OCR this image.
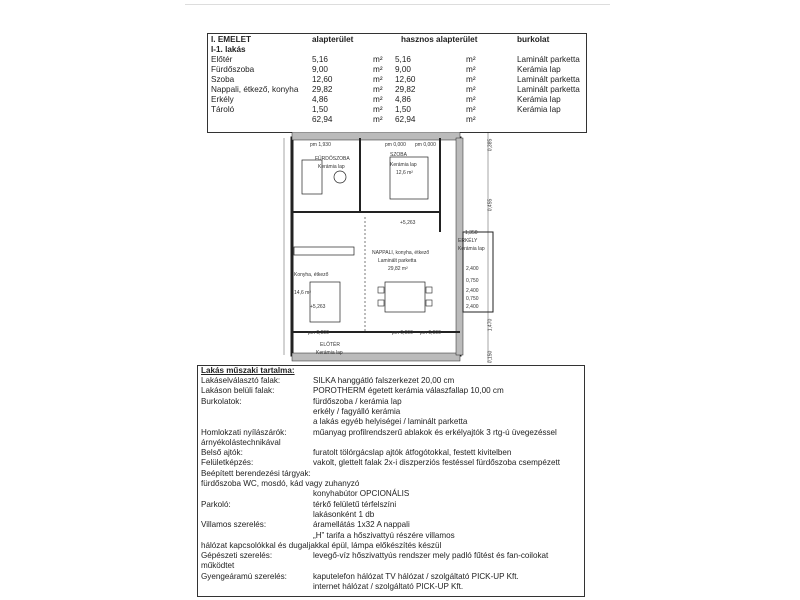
I. EMELET	alapterület	hasznos alapterület	burkolat
I-1. lakás
Előtér	5,16	m² 5,16	m²	Laminált parketta
Fürdőszoba	9,00	m² 9,00	m²	Kerámia lap
Szoba	12,60	m² 12,60	m²	Laminált parketta
Nappali, étkező, konyha 29,82	m² 29,82	m²	Laminált parketta
Erkély	4,86	m² 4,86	m²	Kerámia lap
Tároló	1,50	m² 1,50	m²	Kerámia lap
62,94	m² 62,94	m²
FÜRDŐSZOBA
Kerámia lap
SZOBA
Kerámia lap
12,6 m²
NAPPALI, konyha, étkező
Laminált parketta
29,82 m²
ERKÉLY
Kerámia lap
Konyha, étkező
14,6 m²
ELŐTÉR
Kerámia lap
pm 1,930	pm 0,000 pm 0,000
1,350
2,400
0,750
2,400
0,750
2,400
pm 0,000	pm 0,000 pm 0,000
+5,263
+5,263
0,385
0,455
1,470
0,150
Lakás műszaki tartalma:
Lakáselválasztó falak:	SILKA hanggátló falszerkezet 20,00 cm
Lakáson belüli falak:	POROTHERM égetett kerámia válaszfallap 10,00 cm
Burkolatok:	fürdőszoba / kerámia lap
erkély / fagyálló kerámia
a lakás egyéb helyiségei / laminált parketta
Homlokzati nyílászárók:	műanyag profilrendszerű ablakok és erkélyajtók 3 rtg-ú üvegezéssel
árnyékolástechnikával
Belső ajtók:	furatolt tölórgácslap ajtók átfogótokkal, festett kivitelben
Felületképzés:	vakolt, glettelt falak 2x-i diszperziós festéssel fürdőszoba csempézett
Beépített berendezési tárgyak:
fürdőszoba WC, mosdó, kád vagy zuhanyzó
konyhabútor OPCIONÁLIS
Parkoló:	térkő felületű térfelszíni
lakásonként 1 db
Villamos szerelés:	áramellátás 1x32 A nappali
„H” tarifa a hőszivattyú részére villamos
hálózat kapcsolókkal és dugaljakkal épül, lámpa előkészítés készül
Gépészeti szerelés:	levegő-víz hőszivattyús rendszer mely padló fűtést és fan-coilokat
működtet
Gyengeáramú szerelés:	kaputelefon hálózat TV hálózat / szolgáltató PICK-UP Kft.
internet hálózat / szolgáltató PICK-UP Kft.
